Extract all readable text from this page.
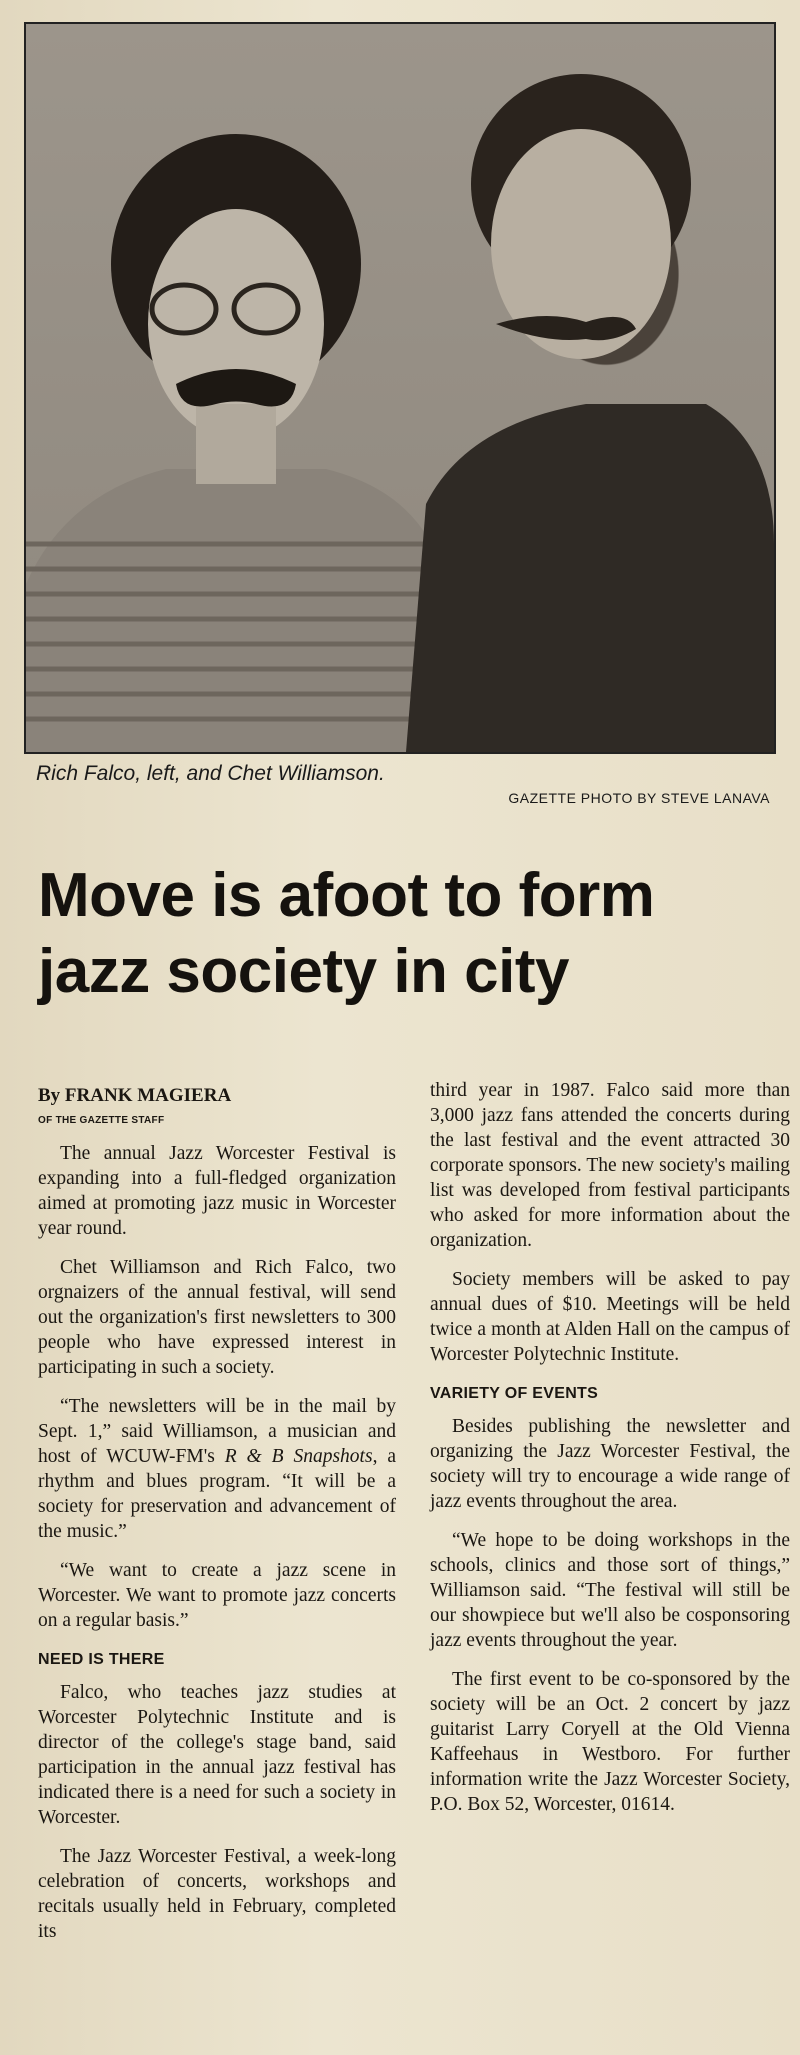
Rich Falco, left, and Chet Williamson.
GAZETTE PHOTO BY STEVE LANAVA
Move is afoot to form jazz society in city
By FRANK MAGIERA
OF THE GAZETTE STAFF

The annual Jazz Worcester Festival is expanding into a full-fledged organization aimed at promoting jazz music in Worcester year round.

Chet Williamson and Rich Falco, two orgnaizers of the annual festival, will send out the organization's first newsletters to 300 people who have expressed interest in participating in such a society.

“The newsletters will be in the mail by Sept. 1,” said Williamson, a musician and host of WCUW-FM's R & B Snapshots, a rhythm and blues program. “It will be a society for preservation and advancement of the music.”

“We want to create a jazz scene in Worcester. We want to promote jazz concerts on a regular basis.”

NEED IS THERE

Falco, who teaches jazz studies at Worcester Polytechnic Institute and is director of the college's stage band, said participation in the annual jazz festival has indicated there is a need for such a society in Worcester.

The Jazz Worcester Festival, a week-long celebration of concerts, workshops and recitals usually held in February, completed its

third year in 1987. Falco said more than 3,000 jazz fans attended the concerts during the last festival and the event attracted 30 corporate sponsors. The new society's mailing list was developed from festival participants who asked for more information about the organization.

Society members will be asked to pay annual dues of $10. Meetings will be held twice a month at Alden Hall on the campus of Worcester Polytechnic Institute.

VARIETY OF EVENTS

Besides publishing the newsletter and organizing the Jazz Worcester Festival, the society will try to encourage a wide range of jazz events throughout the area.

“We hope to be doing workshops in the schools, clinics and those sort of things,” Williamson said. “The festival will still be our showpiece but we'll also be cosponsoring jazz events throughout the year.

The first event to be co-sponsored by the society will be an Oct. 2 concert by jazz guitarist Larry Coryell at the Old Vienna Kaffeehaus in Westboro. For further information write the Jazz Worcester Society, P.O. Box 52, Worcester, 01614.
